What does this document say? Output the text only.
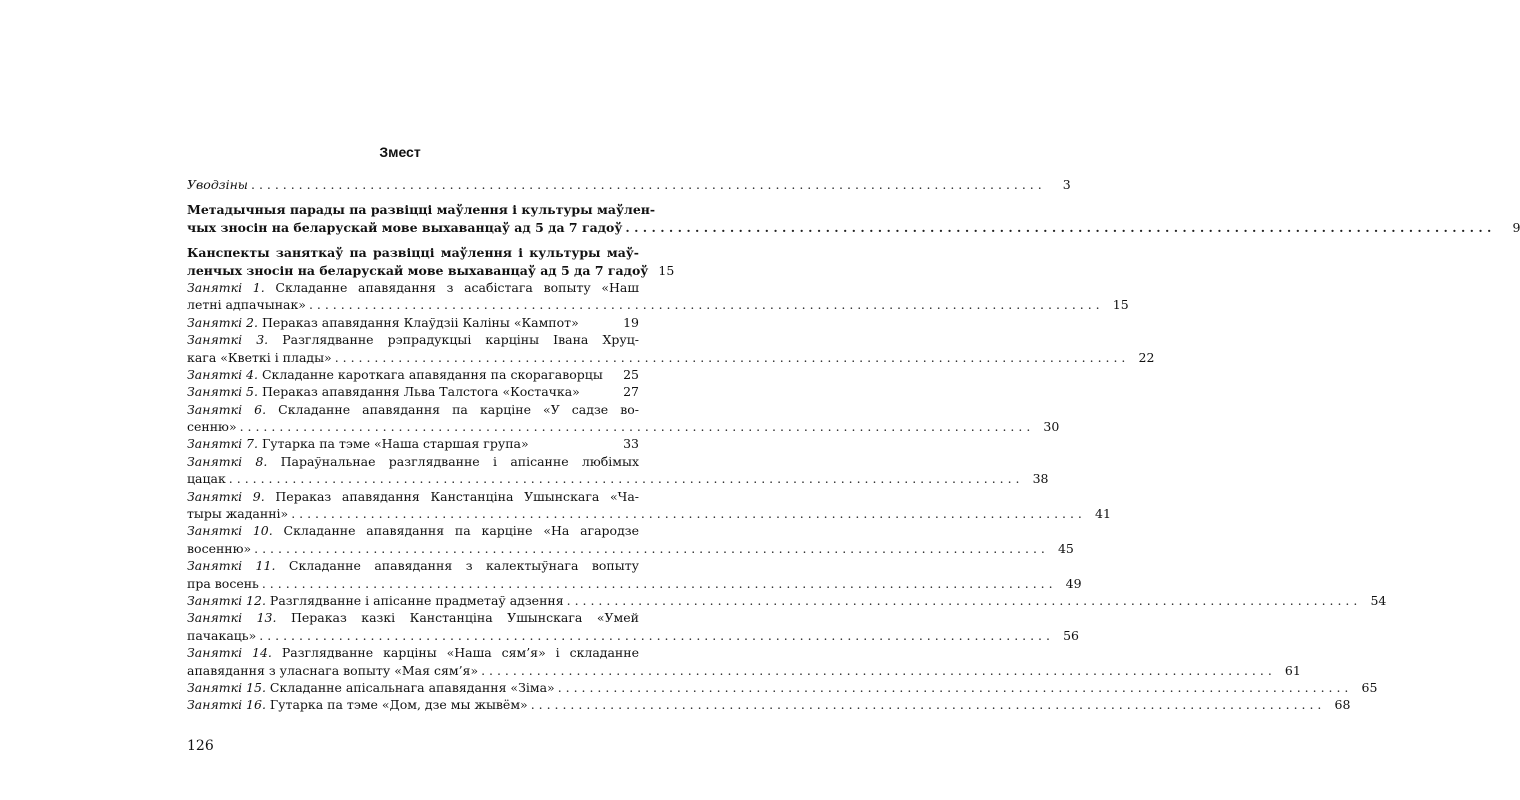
Змест
Уводзіны . . .	3
Метадычныя парады па развіцці маўлення і культуры маўлен-
чых зносін на беларускай мове выхаванцаў ад 5 да 7 гадоў . . .	9
Канспекты заняткаў па развіцці маўлення і культуры маў-
ленчых зносін на беларускай мове выхаванцаў ад 5 да 7 гадоў 15
Заняткі 1. Складанне апавядання з асабістага вопыту «Наш
летні адпачынак» . . .	15
Заняткі 2. Пераказ апавядання Клаўдзіі Каліны «Кампот»	19
Заняткі 3. Разглядванне рэпрадукцыі карціны Івана Хруц-
кага «Кветкі і плады» . . .	22
Заняткі 4. Складанне кароткага апавядання па скорагаворцы	25
Заняткі 5. Пераказ апавядання Льва Талстога «Костачка»	27
Заняткі 6. Складанне апавядання па карціне «У садзе во-
сенню» . . .	30
Заняткі 7. Гутарка па тэме «Наша старшая група»	33
Заняткі 8. Параўнальнае разглядванне і апісанне любімых
цацак . . .	38
Заняткі 9. Пераказ апавядання Канстанціна Ушынскага «Ча-
тыры жаданні» . . .	41
Заняткі 10. Складанне апавядання па карціне «На агародзе
восенню» . . .	45
Заняткі 11. Складанне апавядання з калектыўнага вопыту
пра восень . . .	49
Заняткі 12. Разглядванне і апісанне прадметаў адзення . . .	54
Заняткі 13. Пераказ казкі Канстанціна Ушынскага «Умей
пачакаць» . . .	56
Заняткі 14. Разглядванне карціны «Наша сям’я» і складанне
апавядання з уласнага вопыту «Мая сям’я» . . .	61
Заняткі 15. Складанне апісальнага апавядання «Зіма» . . .	65
Заняткі 16. Гутарка па тэме «Дом, дзе мы жывём» . . .	68
126
